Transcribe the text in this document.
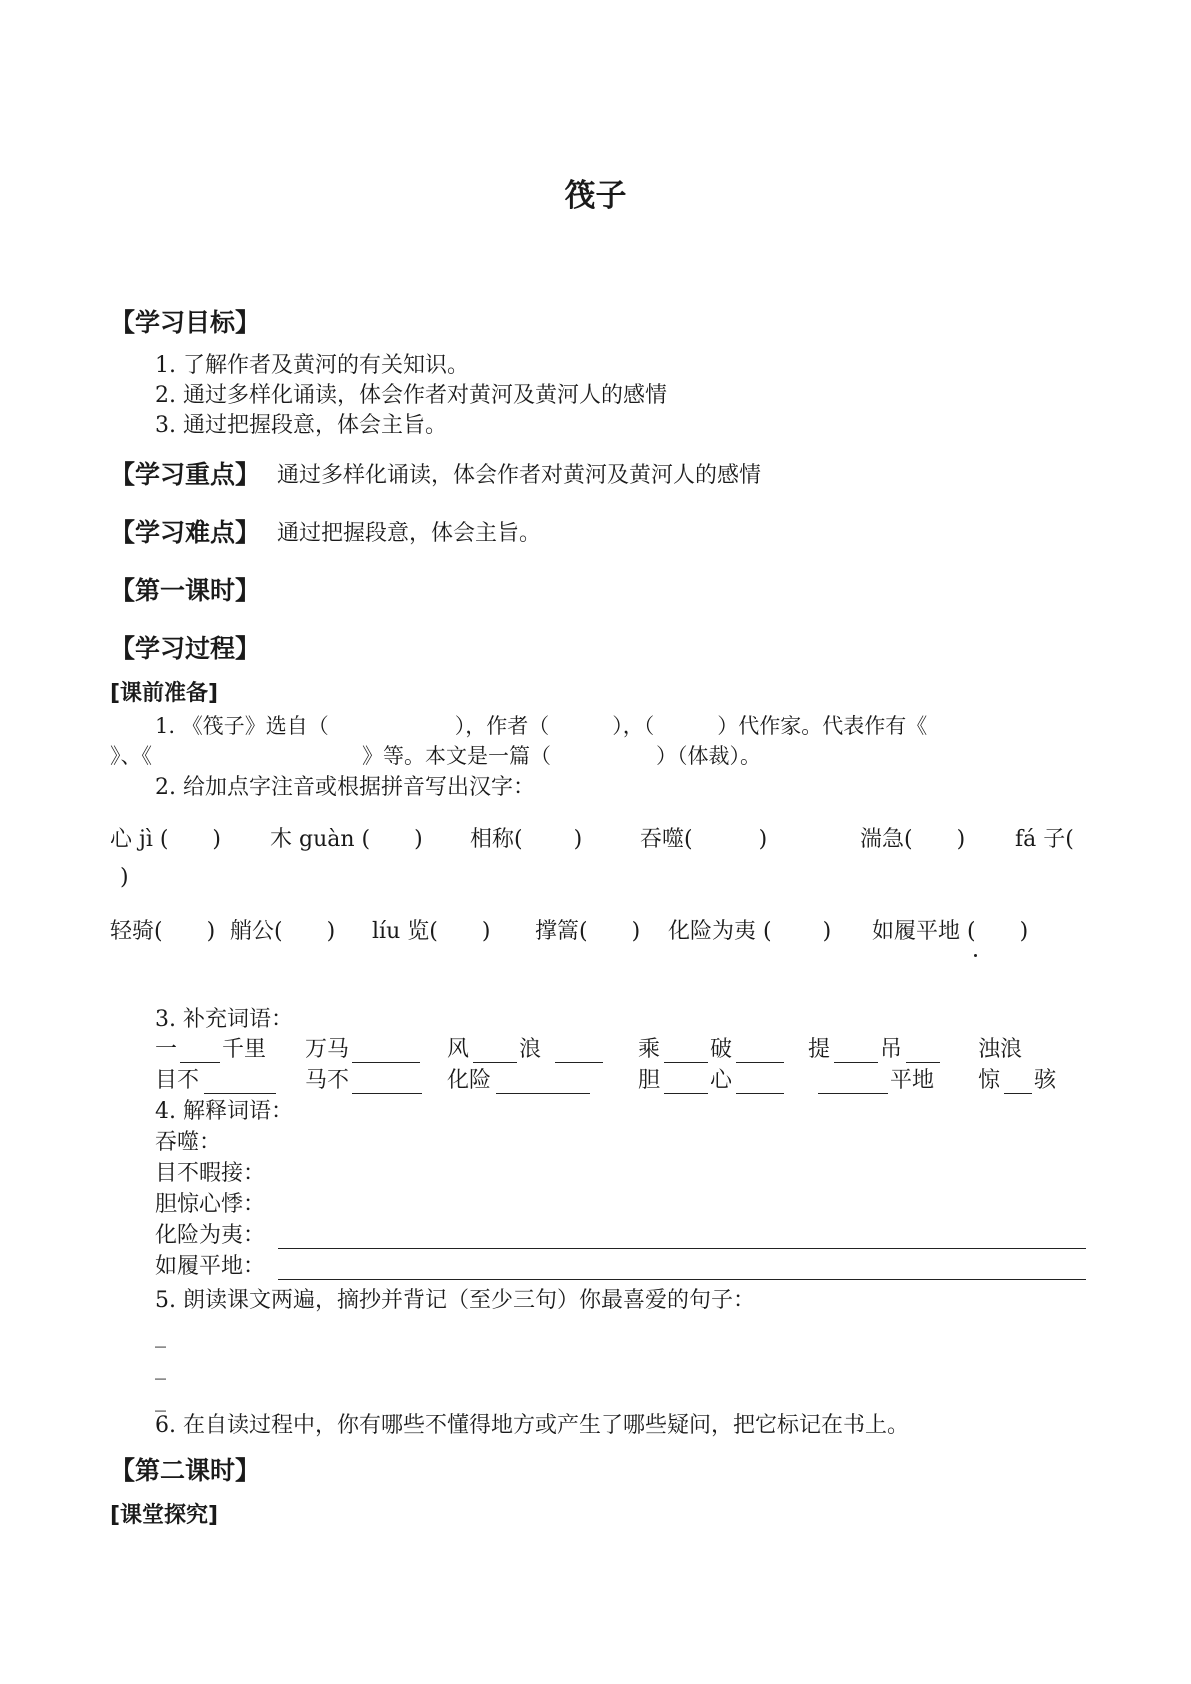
筏子
【学习目标】
1. 了解作者及黄河的有关知识。
2. 通过多样化诵读，体会作者对黄河及黄河人的感情
3. 通过把握段意，体会主旨。
【学习重点】 通过多样化诵读，体会作者对黄河及黄河人的感情
【学习难点】 通过把握段意，体会主旨。
【第一课时】
【学习过程】
[课前准备]
1. 《筏子》选自（　　　　　　），作者（　　　），（　　　）代作家。代表作有《
》、《　　　　　　　　　　》等。本文是一篇（　　　　　）（体裁）。
2. 给加点字注音或根据拼音写出汉字：
心 jì (　　) 木 guàn (　　) 相称(　　 )	吞噬(　　　)	湍急(　　) fá 子(
)
轻骑(　　) 艄公(　　) líu 览(　　) 撑篙(　　) 化险为夷 (　　 ) 如履平地 (　　)
3. 补充词语：
一 千里 万马	风 浪	乘 破	提 吊	浊浪
目不	马不	化险	胆 心	平地 惊 骇
4. 解释词语：
吞噬：
目不暇接：
胆惊心悸：
化险为夷：
如履平地：
5. 朗读课文两遍，摘抄并背记（至少三句）你最喜爱的句子：
_
_
_
6. 在自读过程中，你有哪些不懂得地方或产生了哪些疑问，把它标记在书上。
【第二课时】
[课堂探究]
